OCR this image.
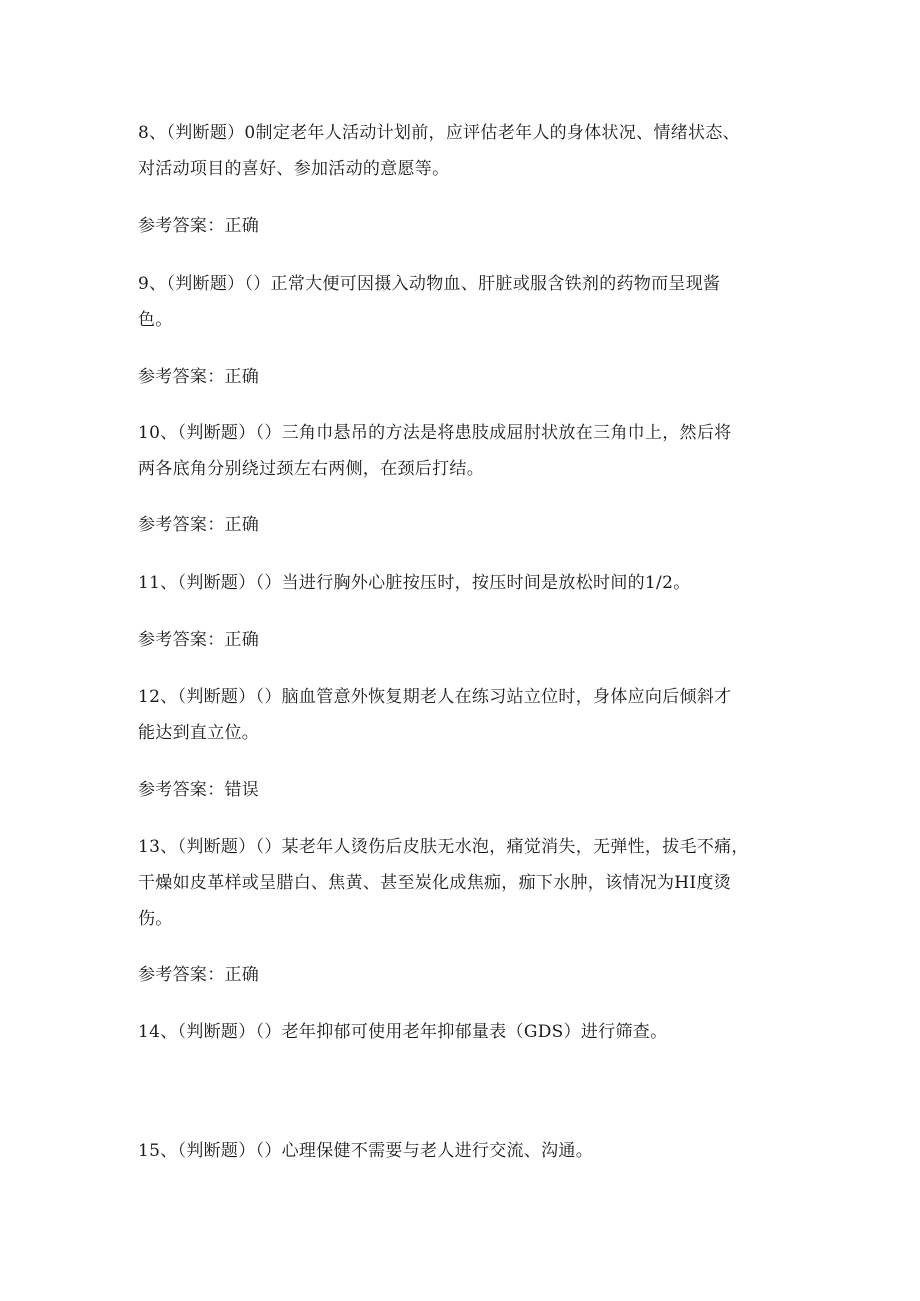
8、（判断题）0制定老年人活动计划前，应评估老年人的身体状况、情绪状态、
对活动项目的喜好、参加活动的意愿等。
参考答案：正确
9、（判断题）（）正常大便可因摄入动物血、肝脏或服含铁剂的药物而呈现酱
色。
参考答案：正确
10、（判断题）（）三角巾悬吊的方法是将患肢成屈肘状放在三角巾上，然后将
两各底角分别绕过颈左右两侧，在颈后打结。
参考答案：正确
11、（判断题）（）当进行胸外心脏按压时，按压时间是放松时间的1/2。
参考答案：正确
12、（判断题）（）脑血管意外恢复期老人在练习站立位时，身体应向后倾斜才
能达到直立位。
参考答案：错误
13、（判断题）（）某老年人烫伤后皮肤无水泡，痛觉消失，无弹性，拔毛不痛，
干燥如皮革样或呈腊白、焦黄、甚至炭化成焦痂，痂下水肿，该情况为HI度烫
伤。
参考答案：正确
14、（判断题）（）老年抑郁可使用老年抑郁量表（GDS）进行筛查。
15、（判断题）（）心理保健不需要与老人进行交流、沟通。
